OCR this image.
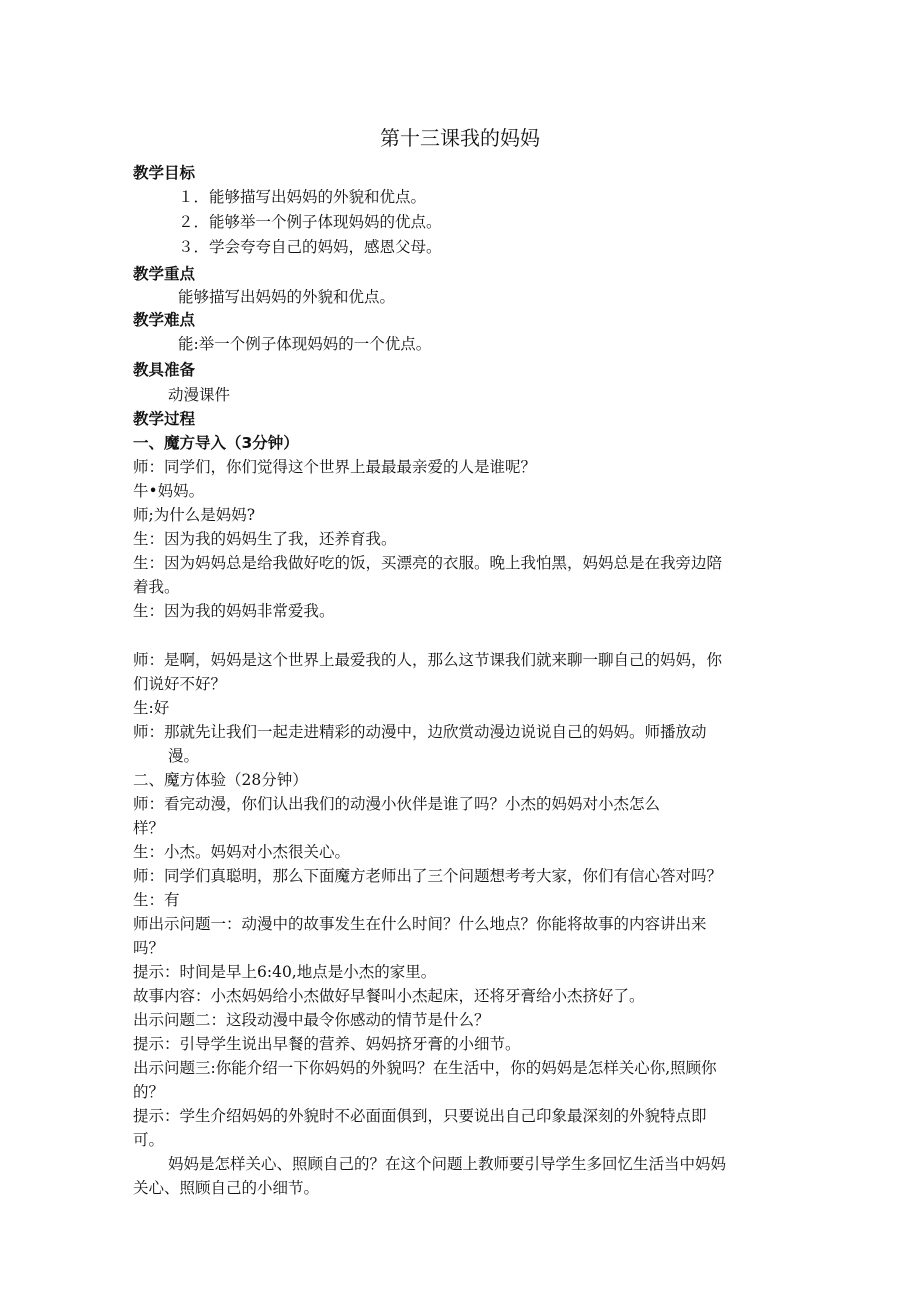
第十三课我的妈妈
教学目标
１．能够描写出妈妈的外貌和优点。
２．能够举一个例子体现妈妈的优点。
３．学会夸夸自己的妈妈，感恩父母。
教学重点
能够描写出妈妈的外貌和优点。
教学难点
能:举一个例子体现妈妈的一个优点。
教具准备
动漫课件
教学过程
一、魔方导入（3分钟）
师：同学们，你们觉得这个世界上最最最亲爱的人是谁呢？
牛•妈妈。
师;为什么是妈妈?
生：因为我的妈妈生了我，还养育我。
生：因为妈妈总是给我做好吃的饭，买漂亮的衣服。晚上我怕黑，妈妈总是在我旁边陪
着我。
生：因为我的妈妈非常爱我。
师：是啊，妈妈是这个世界上最爱我的人，那么这节课我们就来聊一聊自己的妈妈，你
们说好不好？
生:好
师：那就先让我们一起走进精彩的动漫中，边欣赏动漫边说说自己的妈妈。师播放动
漫。
二、魔方体验（28分钟）
师：看完动漫，你们认出我们的动漫小伙伴是谁了吗？小杰的妈妈对小杰怎么
样？
生：小杰。妈妈对小杰很关心。
师：同学们真聪明，那么下面魔方老师出了三个问题想考考大家，你们有信心答对吗？
生：有
师出示问题一：动漫中的故事发生在什么时间？什么地点？你能将故事的内容讲出来
吗？
提示：时间是早上6:40,地点是小杰的家里。
故事内容：小杰妈妈给小杰做好早餐叫小杰起床，还将牙膏给小杰挤好了。
出示问题二：这段动漫中最令你感动的情节是什么？
提示：引导学生说出早餐的营养、妈妈挤牙膏的小细节。
出示问题三:你能介绍一下你妈妈的外貌吗？在生活中，你的妈妈是怎样关心你,照顾你
的？
提示：学生介绍妈妈的外貌时不必面面俱到，只要说出自己印象最深刻的外貌特点即
可。
妈妈是怎样关心、照顾自己的？在这个问题上教师要引导学生多回忆生活当中妈妈
关心、照顾自己的小细节。
